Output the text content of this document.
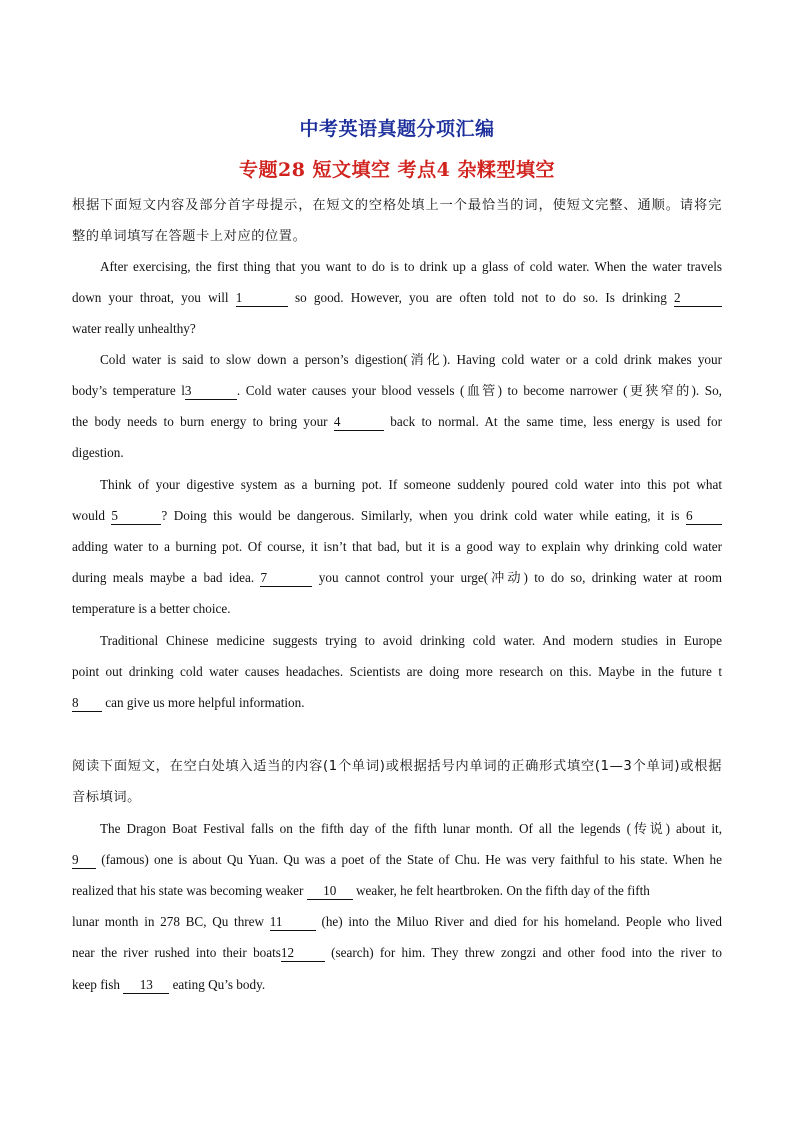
中考英语真题分项汇编
专题28 短文填空 考点4 杂糅型填空
根据下面短文内容及部分首字母提示，在短文的空格处填上一个最恰当的词，使短文完整、通顺。请将完
整的单词填写在答题卡上对应的位置。
After exercising, the first thing that you want to do is to drink up a glass of cold water. When the water travels
down your throat, you will 1	so good. However, you are often told not to do so. Is drinking 2
water really unhealthy?
Cold water is said to slow down a person’s digestion(消化). Having cold water or a cold drink makes your
body’s temperature l3	. Cold water causes your blood vessels (血管) to become narrower (更狭窄的). So,
the body needs to burn energy to bring your 4	back to normal. At the same time, less energy is used for
digestion.
Think of your digestive system as a burning pot. If someone suddenly poured cold water into this pot what
would 5	? Doing this would be dangerous. Similarly, when you drink cold water while eating, it is 6
adding water to a burning pot. Of course, it isn’t that bad, but it is a good way to explain why drinking cold water
during meals maybe a bad idea. 7	you cannot control your urge(冲动) to do so, drinking water at room
temperature is a better choice.
Traditional Chinese medicine suggests trying to avoid drinking cold water. And modern studies in Europe
point out drinking cold water causes headaches. Scientists are doing more research on this. Maybe in the future t
8 can give us more helpful information.
阅读下面短文，在空白处填入适当的内容(1个单词)或根据括号内单词的正确形式填空(1—3个单词)或根据
音标填词。
The Dragon Boat Festival falls on the fifth day of the fifth lunar month. Of all the legends (传说) about it,
9 (famous) one is about Qu Yuan. Qu was a poet of the State of Chu. He was very faithful to his state. When he
realized that his state was becoming weaker 10 weaker, he felt heartbroken. On the fifth day of the fifth
lunar month in 278 BC, Qu threw 11	(he) into the Miluo River and died for his homeland. People who lived
near the river rushed into their boats12 (search) for him. They threw zongzi and other food into the river to
keep fish 13 eating Qu’s body.
